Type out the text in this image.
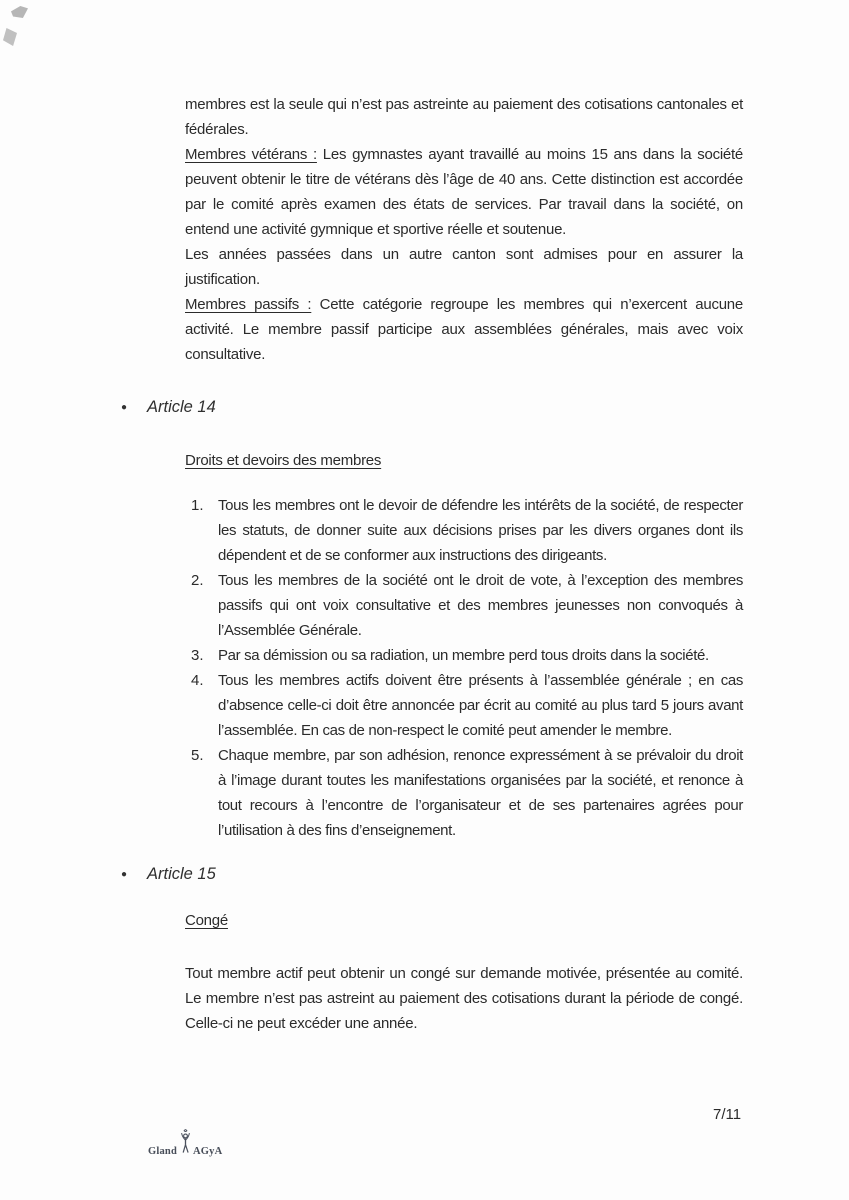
membres est la seule qui n’est pas astreinte au paiement des cotisations cantonales et fédérales.

Membres vétérans : Les gymnastes ayant travaillé au moins 15 ans dans la société peuvent obtenir le titre de vétérans dès l’âge de 40 ans. Cette distinction est accordée par le comité après examen des états de services. Par travail dans la société, on entend une activité gymnique et sportive réelle et soutenue.

Les années passées dans un autre canton sont admises pour en assurer la justification.

Membres passifs : Cette catégorie regroupe les membres qui n’exercent aucune activité. Le membre passif participe aux assemblées générales, mais avec voix consultative.

●	Article 14
Droits et devoirs des membres
1. Tous les membres ont le devoir de défendre les intérêts de la société, de respecter les statuts, de donner suite aux décisions prises par les divers organes dont ils dépendent et de se conformer aux instructions des dirigeants.

2. Tous les membres de la société ont le droit de vote, à l’exception des membres passifs qui ont voix consultative et des membres jeunesses non convoqués à l’Assemblée Générale.

3. Par sa démission ou sa radiation, un membre perd tous droits dans la société.

4. Tous les membres actifs doivent être présents à l’assemblée générale ; en cas d’absence celle-ci doit être annoncée par écrit au comité au plus tard 5 jours avant l’assemblée. En cas de non-respect le comité peut amender le membre.

5. Chaque membre, par son adhésion, renonce expressément à se prévaloir du droit à l’image durant toutes les manifestations organisées par la société, et renonce à tout recours à l’encontre de l’organisateur et de ses partenaires agrées pour l’utilisation à des fins d’enseignement.

●	Article 15
Congé

Tout membre actif peut obtenir un congé sur demande motivée, présentée au comité. Le membre n’est pas astreint au paiement des cotisations durant la période de congé. Celle-ci ne peut excéder une année.

7/11
Gland AGyA
